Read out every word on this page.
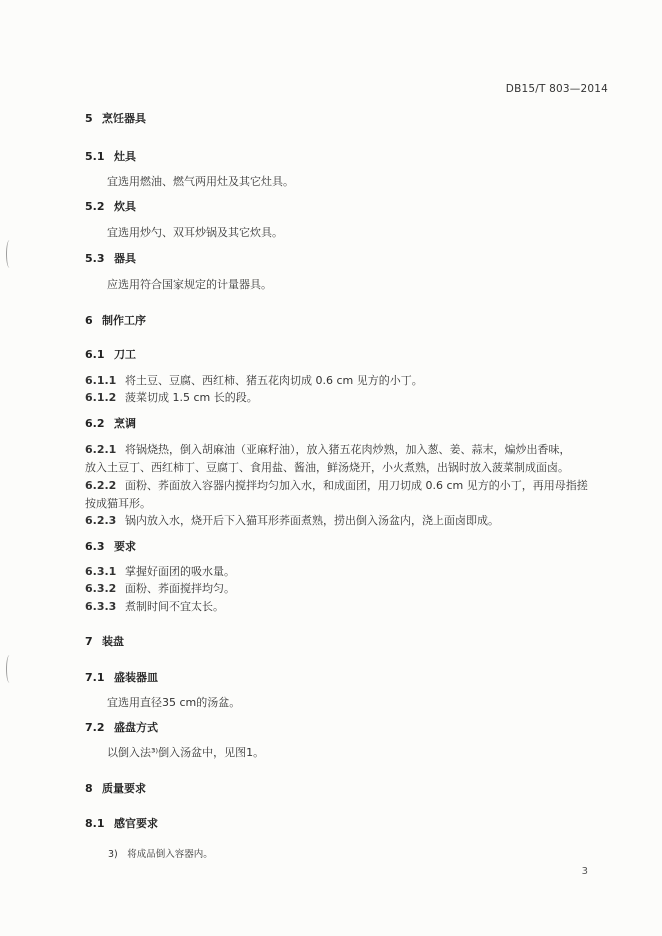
DB15/T 803—2014
5 烹饪器具
5.1 灶具
宜选用燃油、燃气两用灶及其它灶具。
5.2 炊具
宜选用炒勺、双耳炒锅及其它炊具。
5.3 器具
应选用符合国家规定的计量器具。
6 制作工序
6.1 刀工
6.1.1 将土豆、豆腐、西红柿、猪五花肉切成 0.6 cm 见方的小丁。
6.1.2 菠菜切成 1.5 cm 长的段。
6.2 烹调
6.2.1 将锅烧热，倒入胡麻油（亚麻籽油），放入猪五花肉炒熟，加入葱、姜、蒜末，煸炒出香味，
放入土豆丁、西红柿丁、豆腐丁、食用盐、酱油，鲜汤烧开，小火煮熟，出锅时放入菠菜制成面卤。
6.2.2 面粉、荞面放入容器内搅拌均匀加入水，和成面团，用刀切成 0.6 cm 见方的小丁，再用母指搓
按成猫耳形。
6.2.3 锅内放入水，烧开后下入猫耳形荞面煮熟，捞出倒入汤盆内，浇上面卤即成。
6.3 要求
6.3.1 掌握好面团的吸水量。
6.3.2 面粉、荞面搅拌均匀。
6.3.3 煮制时间不宜太长。
7 装盘
7.1 盛装器皿
宜选用直径35 cm的汤盆。
7.2 盛盘方式
以倒入法³⁾倒入汤盆中，见图1。
8 质量要求
8.1 感官要求
3)　将成品倒入容器内。
3
